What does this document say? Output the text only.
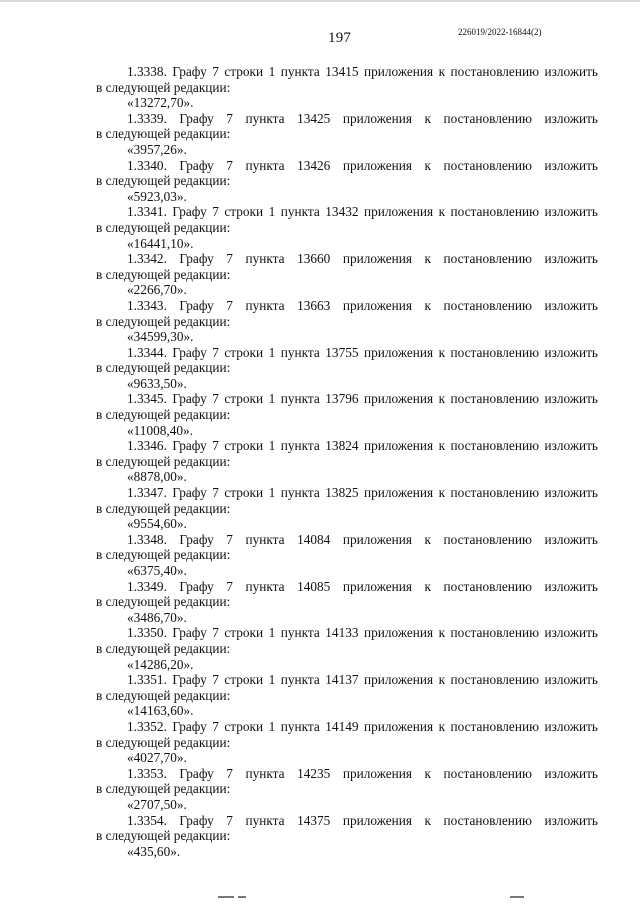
197	226019/2022-16844(2)

1.3338. Графу 7 строки 1 пункта 13415 приложения к постановлению изложить

в следующей редакции:

«13272,70».

1.3339. Графу 7 пункта 13425 приложения к постановлению изложить

в следующей редакции:

«3957,26».

1.3340. Графу 7 пункта 13426 приложения к постановлению изложить

в следующей редакции:

«5923,03».

1.3341. Графу 7 строки 1 пункта 13432 приложения к постановлению изложить

в следующей редакции:

«16441,10».

1.3342. Графу 7 пункта 13660 приложения к постановлению изложить

в следующей редакции:

«2266,70».

1.3343. Графу 7 пункта 13663 приложения к постановлению изложить

в следующей редакции:

«34599,30».

1.3344. Графу 7 строки 1 пункта 13755 приложения к постановлению изложить

в следующей редакции:

«9633,50».

1.3345. Графу 7 строки 1 пункта 13796 приложения к постановлению изложить

в следующей редакции:

«11008,40».

1.3346. Графу 7 строки 1 пункта 13824 приложения к постановлению изложить

в следующей редакции:

«8878,00».

1.3347. Графу 7 строки 1 пункта 13825 приложения к постановлению изложить

в следующей редакции:

«9554,60».

1.3348. Графу 7 пункта 14084 приложения к постановлению изложить

в следующей редакции:

«6375,40».

1.3349. Графу 7 пункта 14085 приложения к постановлению изложить

в следующей редакции:

«3486,70».

1.3350. Графу 7 строки 1 пункта 14133 приложения к постановлению изложить

в следующей редакции:

«14286,20».

1.3351. Графу 7 строки 1 пункта 14137 приложения к постановлению изложить

в следующей редакции:

«14163,60».

1.3352. Графу 7 строки 1 пункта 14149 приложения к постановлению изложить

в следующей редакции:

«4027,70».

1.3353. Графу 7 пункта 14235 приложения к постановлению изложить

в следующей редакции:

«2707,50».

1.3354. Графу 7 пункта 14375 приложения к постановлению изложить

в следующей редакции:

«435,60».
